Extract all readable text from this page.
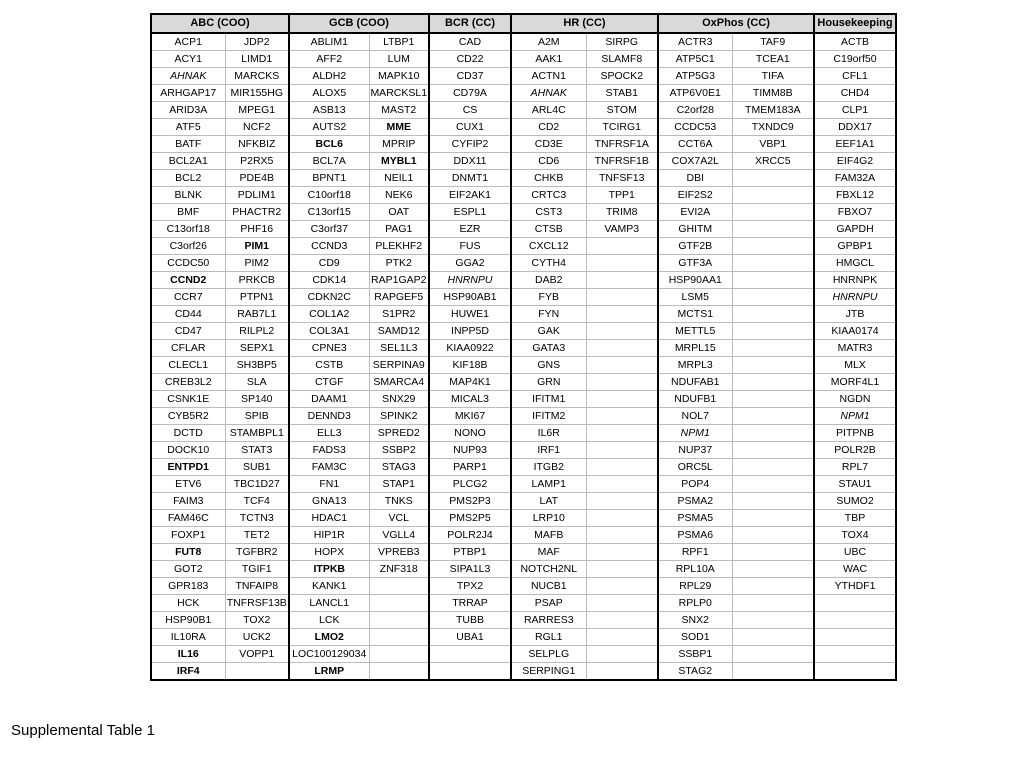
ABC (COO)		GCB (COO)		BCR (CC)	HR (CC)		OxPhos (CC)		Housekeeping
ACP1	JDP2	ABLIM1	LTBP1	CAD	A2M	SIRPG	ACTR3	TAF9	ACTB
ACY1	LIMD1	AFF2	LUM	CD22	AAK1	SLAMF8	ATP5C1	TCEA1	C19orf50
AHNAK	MARCKS	ALDH2	MAPK10	CD37	ACTN1	SPOCK2	ATP5G3	TIFA	CFL1
ARHGAP17	MIR155HG	ALOX5	MARCKSL1	CD79A	AHNAK	STAB1	ATP6V0E1	TIMM8B	CHD4
ARID3A	MPEG1	ASB13	MAST2	CS	ARL4C	STOM	C2orf28	TMEM183A	CLP1
ATF5	NCF2	AUTS2	MME	CUX1	CD2	TCIRG1	CCDC53	TXNDC9	DDX17
BATF	NFKBIZ	BCL6	MPRIP	CYFIP2	CD3E	TNFRSF1A	CCT6A	VBP1	EEF1A1
BCL2A1	P2RX5	BCL7A	MYBL1	DDX11	CD6	TNFRSF1B	COX7A2L	XRCC5	EIF4G2
BCL2	PDE4B	BPNT1	NEIL1	DNMT1	CHKB	TNFSF13	DBI		FAM32A
BLNK	PDLIM1	C10orf18	NEK6	EIF2AK1	CRTC3	TPP1	EIF2S2		FBXL12
BMF	PHACTR2	C13orf15	OAT	ESPL1	CST3	TRIM8	EVI2A		FBXO7
C13orf18	PHF16	C3orf37	PAG1	EZR	CTSB	VAMP3	GHITM		GAPDH
C3orf26	PIM1	CCND3	PLEKHF2	FUS	CXCL12		GTF2B		GPBP1
CCDC50	PIM2	CD9	PTK2	GGA2	CYTH4		GTF3A		HMGCL
CCND2	PRKCB	CDK14	RAP1GAP2	HNRNPU	DAB2		HSP90AA1		HNRNPK
CCR7	PTPN1	CDKN2C	RAPGEF5	HSP90AB1	FYB		LSM5		HNRNPU
CD44	RAB7L1	COL1A2	S1PR2	HUWE1	FYN		MCTS1		JTB
CD47	RILPL2	COL3A1	SAMD12	INPP5D	GAK		METTL5		KIAA0174
CFLAR	SEPX1	CPNE3	SEL1L3	KIAA0922	GATA3		MRPL15		MATR3
CLECL1	SH3BP5	CSTB	SERPINA9	KIF18B	GNS		MRPL3		MLX
CREB3L2	SLA	CTGF	SMARCA4	MAP4K1	GRN		NDUFAB1		MORF4L1
CSNK1E	SP140	DAAM1	SNX29	MICAL3	IFITM1		NDUFB1		NGDN
CYB5R2	SPIB	DENND3	SPINK2	MKI67	IFITM2		NOL7		NPM1
DCTD	STAMBPL1	ELL3	SPRED2	NONO	IL6R		NPM1		PITPNB
DOCK10	STAT3	FADS3	SSBP2	NUP93	IRF1		NUP37		POLR2B
ENTPD1	SUB1	FAM3C	STAG3	PARP1	ITGB2		ORC5L		RPL7
ETV6	TBC1D27	FN1	STAP1	PLCG2	LAMP1		POP4		STAU1
FAIM3	TCF4	GNA13	TNKS	PMS2P3	LAT		PSMA2		SUMO2
FAM46C	TCTN3	HDAC1	VCL	PMS2P5	LRP10		PSMA5		TBP
FOXP1	TET2	HIP1R	VGLL4	POLR2J4	MAFB		PSMA6		TOX4
FUT8	TGFBR2	HOPX	VPREB3	PTBP1	MAF		RPF1		UBC
GOT2	TGIF1	ITPKB	ZNF318	SIPA1L3	NOTCH2NL		RPL10A		WAC
GPR183	TNFAIP8	KANK1		TPX2	NUCB1		RPL29		YTHDF1
HCK	TNFRSF13B	LANCL1		TRRAP	PSAP		RPLP0		
HSP90B1	TOX2	LCK		TUBB	RARRES3		SNX2		
IL10RA	UCK2	LMO2		UBA1	RGL1		SOD1		
IL16	VOPP1	LOC100129034			SELPLG		SSBP1		
IRF4		LRMP			SERPING1		STAG2		
Supplemental Table 1
